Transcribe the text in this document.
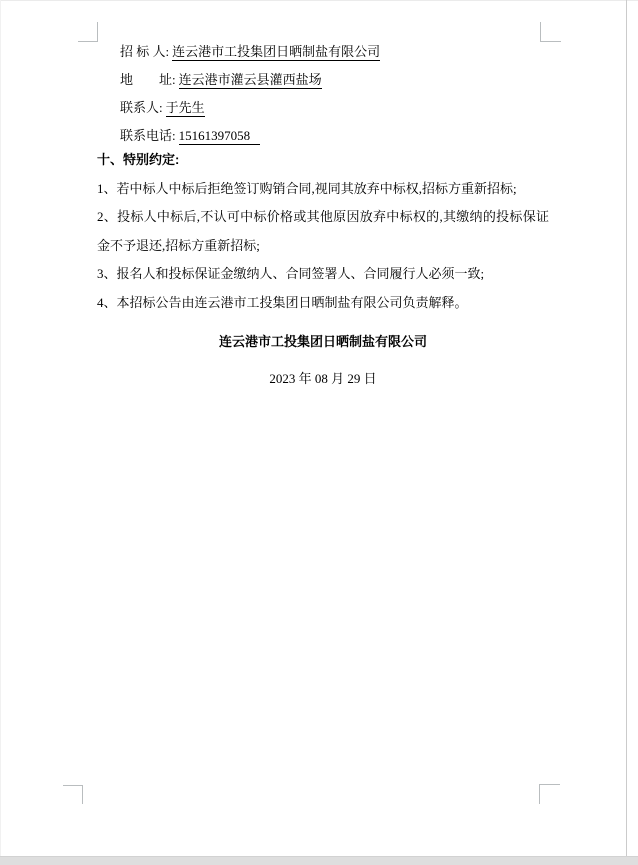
招 标 人: 连云港市工投集团日晒制盐有限公司
地　　址: 连云港市灌云县灌西盐场
联系人: 于先生
联系电话: 15161397058

十、特别约定:

1、若中标人中标后拒绝签订购销合同,视同其放弃中标权,招标方重新招标;

2、投标人中标后,不认可中标价格或其他原因放弃中标权的,其缴纳的投标保证金不予退还,招标方重新招标;

3、报名人和投标保证金缴纳人、合同签署人、合同履行人必须一致;

4、本招标公告由连云港市工投集团日晒制盐有限公司负责解释。

连云港市工投集团日晒制盐有限公司
2023 年 08 月 29 日
